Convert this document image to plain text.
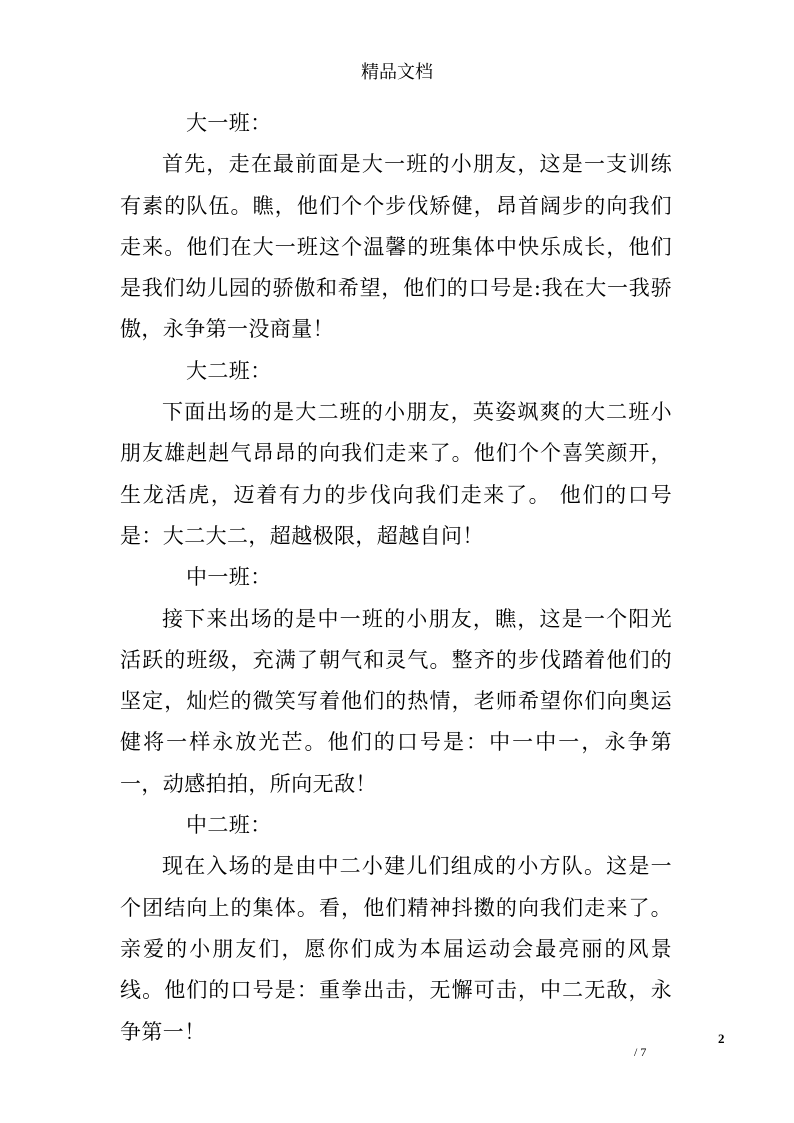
精品文档

大一班：

首先，走在最前面是大一班的小朋友，这是一支训练有素的队伍。瞧，他们个个步伐矫健，昂首阔步的向我们走来。他们在大一班这个温馨的班集体中快乐成长，他们是我们幼儿园的骄傲和希望，他们的口号是:我在大一我骄傲，永争第一没商量！

大二班：

下面出场的是大二班的小朋友，英姿飒爽的大二班小朋友雄赳赳气昂昂的向我们走来了。他们个个喜笑颜开，生龙活虎，迈着有力的步伐向我们走来了。 他们的口号是：大二大二，超越极限，超越自问！

中一班：

接下来出场的是中一班的小朋友，瞧，这是一个阳光活跃的班级，充满了朝气和灵气。整齐的步伐踏着他们的坚定，灿烂的微笑写着他们的热情，老师希望你们向奥运健将一样永放光芒。他们的口号是：中一中一，永争第一，动感拍拍，所向无敌！

中二班：

现在入场的是由中二小建儿们组成的小方队。这是一个团结向上的集体。看，他们精神抖擞的向我们走来了。亲爱的小朋友们，愿你们成为本届运动会最亮丽的风景线。他们的口号是：重拳出击，无懈可击，中二无敌，永争第一！	2
/ 7
